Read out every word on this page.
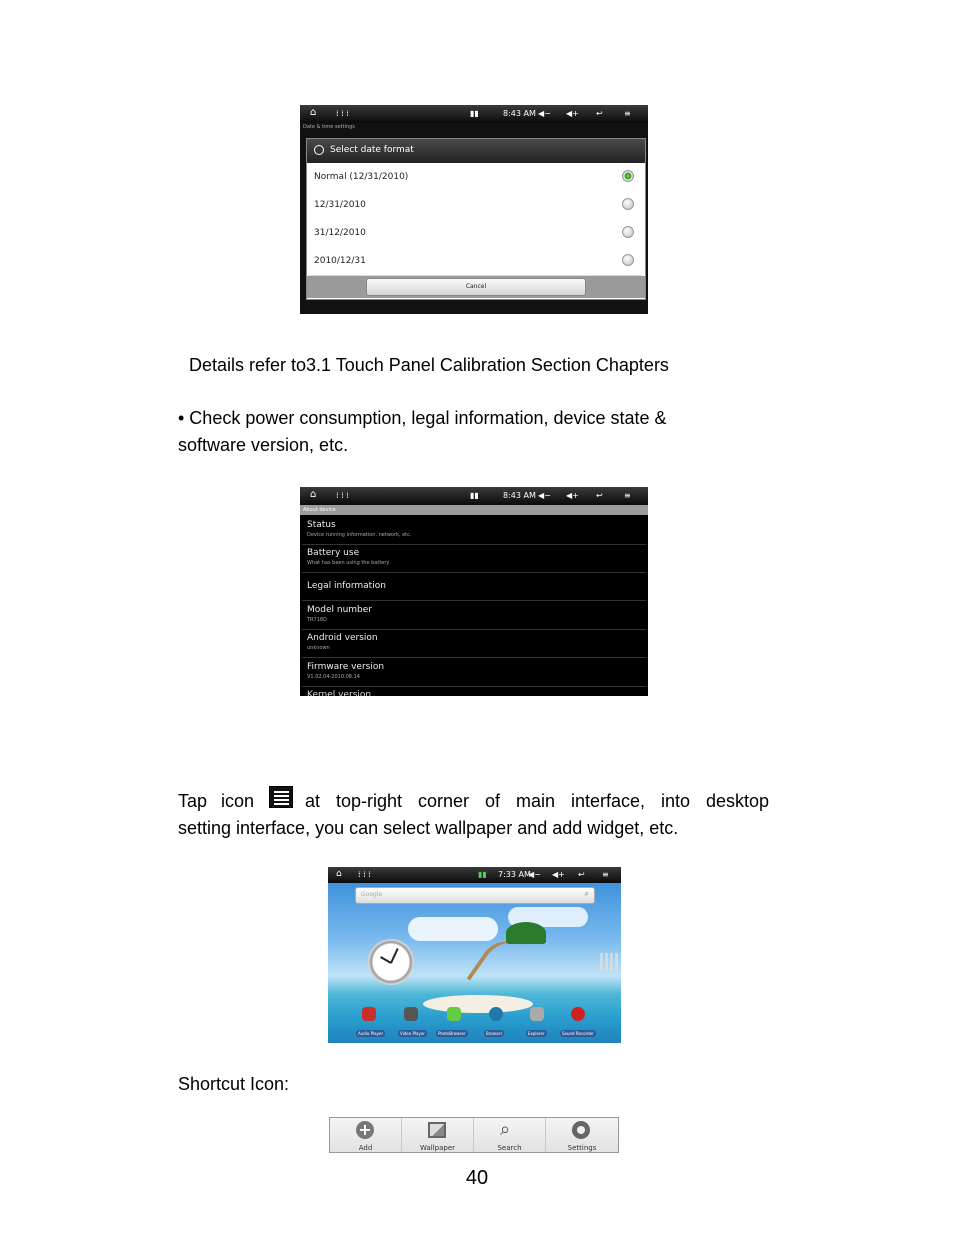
⌂ ⁞ ⁞ ⁞	▮▮	8:43 AM ◀− ◀+ ↩	≡
Date & time settings
Select date format
Normal (12/31/2010)
12/31/2010
31/12/2010
2010/12/31
Cancel
Details refer to3.1 Touch Panel Calibration Section Chapters
• Check power consumption, legal information, device state &
software version, etc.
⌂ ⁞ ⁞ ⁞	▮▮	8:43 AM ◀− ◀+ ↩	≡
About device
Status
Device running information, network, etc.
Battery use
What has been using the battery
Legal information
Model number
TR718D
Android version
unknown
Firmware version
V1.02.04-2010.08.14
Kernel version
Tap icon	at top-right corner of main interface, into desktop
setting interface, you can select wallpaper and add widget, etc.
⌂ ⁞ ⁞ ⁞	▮▮ 7:33 AM
◀− ◀+ ↩ ≡
Google	⌕
Audio Player	Video Player	PhotoBrowser	Browser	Explorer	Sound Recorder
Shortcut Icon:
+
Add	Wallpaper
⌕
Search	Settings
40
